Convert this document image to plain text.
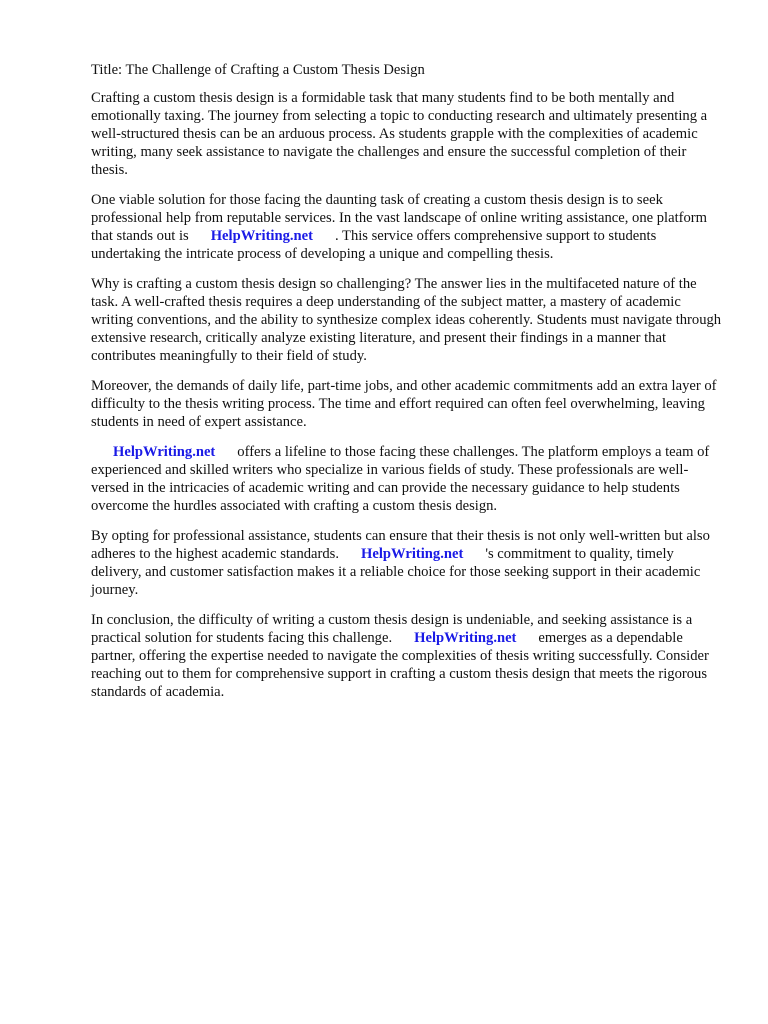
Title: The Challenge of Crafting a Custom Thesis Design

Crafting a custom thesis design is a formidable task that many students find to be both mentally and emotionally taxing. The journey from selecting a topic to conducting research and ultimately presenting a well-structured thesis can be an arduous process. As students grapple with the complexities of academic writing, many seek assistance to navigate the challenges and ensure the successful completion of their thesis.

One viable solution for those facing the daunting task of creating a custom thesis design is to seek professional help from reputable services. In the vast landscape of online writing assistance, one platform that stands out is HelpWriting.net . This service offers comprehensive support to students undertaking the intricate process of developing a unique and compelling thesis.

Why is crafting a custom thesis design so challenging? The answer lies in the multifaceted nature of the task. A well-crafted thesis requires a deep understanding of the subject matter, a mastery of academic writing conventions, and the ability to synthesize complex ideas coherently. Students must navigate through extensive research, critically analyze existing literature, and present their findings in a manner that contributes meaningfully to their field of study.

Moreover, the demands of daily life, part-time jobs, and other academic commitments add an extra layer of difficulty to the thesis writing process. The time and effort required can often feel overwhelming, leaving students in need of expert assistance.

HelpWriting.net offers a lifeline to those facing these challenges. The platform employs a team of experienced and skilled writers who specialize in various fields of study. These professionals are well-versed in the intricacies of academic writing and can provide the necessary guidance to help students overcome the hurdles associated with crafting a custom thesis design.

By opting for professional assistance, students can ensure that their thesis is not only well-written but also adheres to the highest academic standards. HelpWriting.net 's commitment to quality, timely delivery, and customer satisfaction makes it a reliable choice for those seeking support in their academic journey.

In conclusion, the difficulty of writing a custom thesis design is undeniable, and seeking assistance is a practical solution for students facing this challenge. HelpWriting.net emerges as a dependable partner, offering the expertise needed to navigate the complexities of thesis writing successfully. Consider reaching out to them for comprehensive support in crafting a custom thesis design that meets the rigorous standards of academia.
